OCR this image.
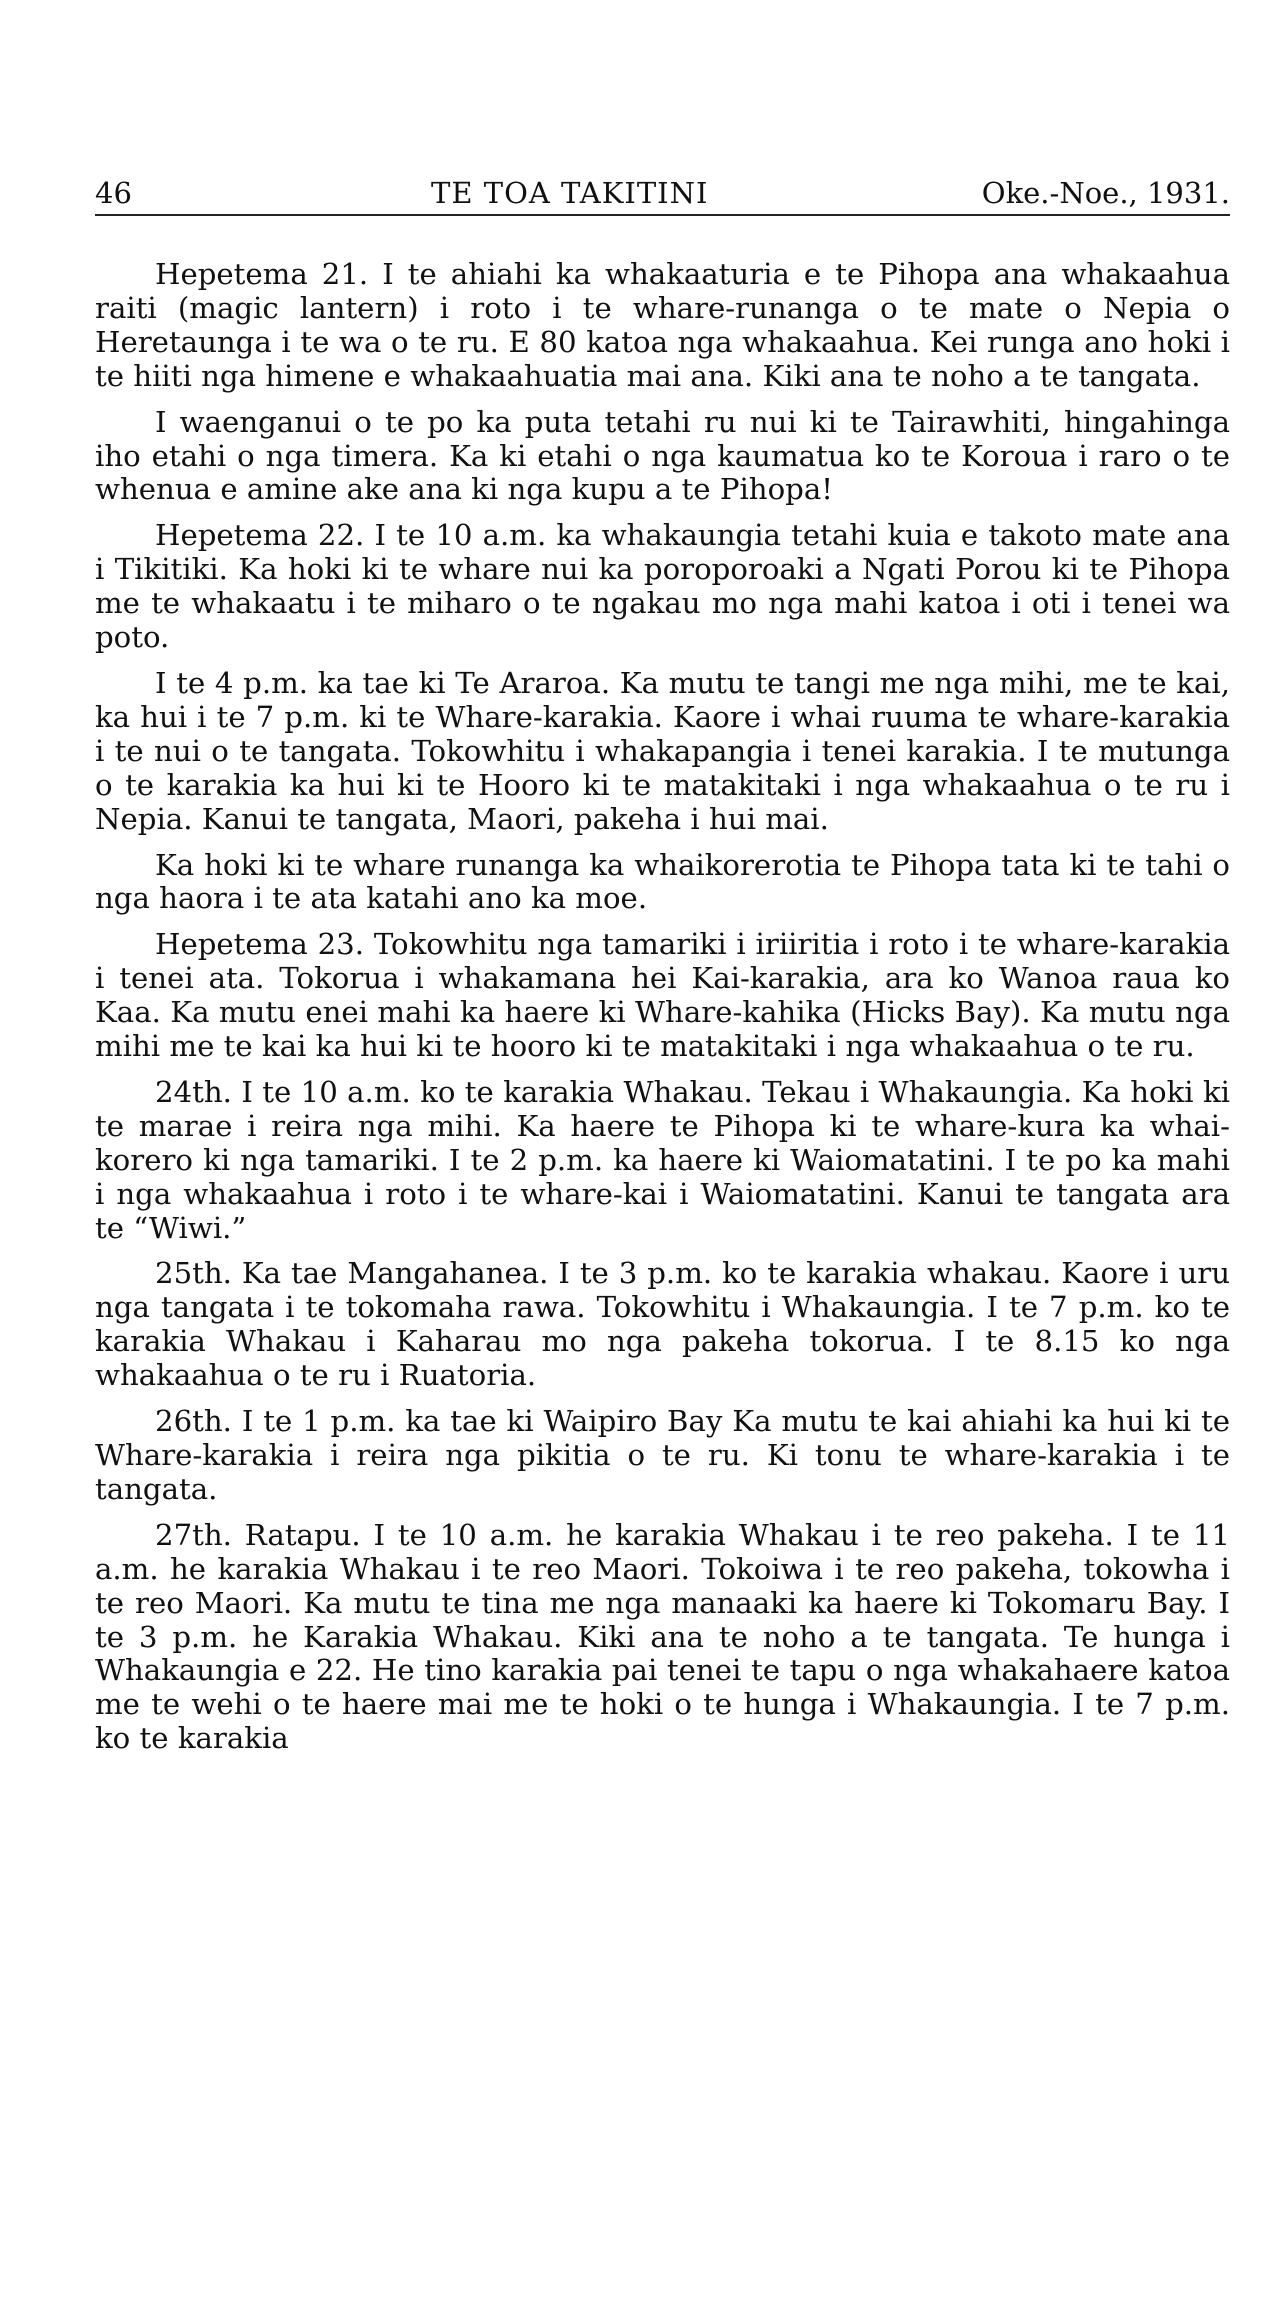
46	TE TOA TAKITINI	Oke.-Noe., 1931.

Hepetema 21. I te ahiahi ka whakaaturia e te Pihopa ana whakaahua raiti (magic lantern) i roto i te whare-runanga o te mate o Nepia o Heretaunga i te wa o te ru. E 80 katoa nga whakaahua. Kei runga ano hoki i te hiiti nga himene e whakaahuatia mai ana. Kiki ana te noho a te tangata.

I waenganui o te po ka puta tetahi ru nui ki te Tairawhiti, hingahinga iho etahi o nga timera. Ka ki etahi o nga kaumatua ko te Koroua i raro o te whenua e amine ake ana ki nga kupu a te Pihopa!

Hepetema 22. I te 10 a.m. ka whakaungia tetahi kuia e takoto mate ana i Tikitiki. Ka hoki ki te whare nui ka poroporoaki a Ngati Porou ki te Pihopa me te whakaatu i te miharo o te ngakau mo nga mahi katoa i oti i tenei wa poto.

I te 4 p.m. ka tae ki Te Araroa. Ka mutu te tangi me nga mihi, me te kai, ka hui i te 7 p.m. ki te Whare-karakia. Kaore i whai ruuma te whare-karakia i te nui o te tangata. Tokowhitu i whakapangia i tenei karakia. I te mutunga o te karakia ka hui ki te Hooro ki te matakitaki i nga whakaahua o te ru i Nepia. Kanui te tangata, Maori, pakeha i hui mai.

Ka hoki ki te whare runanga ka whaikorerotia te Pihopa tata ki te tahi o nga haora i te ata katahi ano ka moe.

Hepetema 23. Tokowhitu nga tamariki i iriiritia i roto i te whare-karakia i tenei ata. Tokorua i whakamana hei Kai-karakia, ara ko Wanoa raua ko Kaa. Ka mutu enei mahi ka haere ki Whare-kahika (Hicks Bay). Ka mutu nga mihi me te kai ka hui ki te hooro ki te matakitaki i nga whakaahua o te ru.

24th. I te 10 a.m. ko te karakia Whakau. Tekau i Whakaungia. Ka hoki ki te marae i reira nga mihi. Ka haere te Pihopa ki te whare-kura ka whai-korero ki nga tamariki. I te 2 p.m. ka haere ki Waiomatatini. I te po ka mahi i nga whakaahua i roto i te whare-kai i Waiomatatini. Kanui te tangata ara te “Wiwi.”

25th. Ka tae Mangahanea. I te 3 p.m. ko te karakia whakau. Kaore i uru nga tangata i te tokomaha rawa. Tokowhitu i Whakaungia. I te 7 p.m. ko te karakia Whakau i Kaharau mo nga pakeha tokorua. I te 8.15 ko nga whakaahua o te ru i Ruatoria.

26th. I te 1 p.m. ka tae ki Waipiro Bay Ka mutu te kai ahiahi ka hui ki te Whare-karakia i reira nga pikitia o te ru. Ki tonu te whare-karakia i te tangata.

27th. Ratapu. I te 10 a.m. he karakia Whakau i te reo pakeha. I te 11 a.m. he karakia Whakau i te reo Maori. Tokoiwa i te reo pakeha, tokowha i te reo Maori. Ka mutu te tina me nga manaaki ka haere ki Tokomaru Bay. I te 3 p.m. he Karakia Whakau. Kiki ana te noho a te tangata. Te hunga i Whakaungia e 22. He tino karakia pai tenei te tapu o nga whakahaere katoa me te wehi o te haere mai me te hoki o te hunga i Whakaungia. I te 7 p.m. ko te karakia
